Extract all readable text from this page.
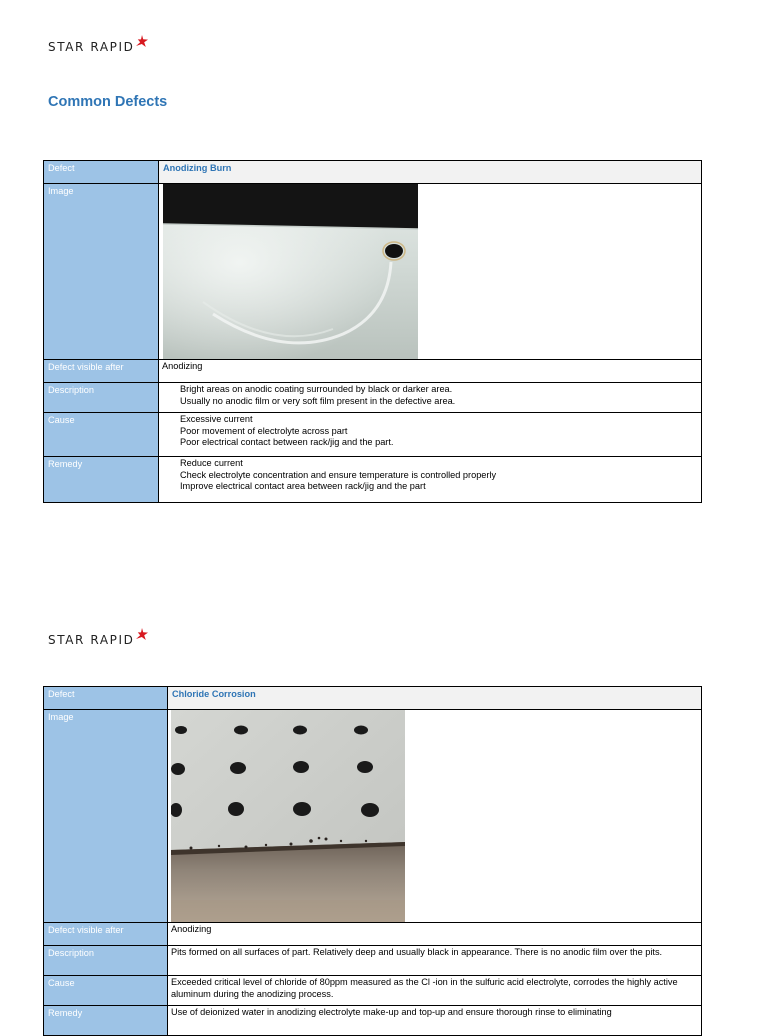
STAR RAPID
Common Defects
Defect	Anodizing Burn
Image	

Defect visible after	Anodizing
Description	Bright areas on anodic coating surrounded by black or darker area.
Usually no anodic film or very soft film present in the defective area.

Cause	Excessive current
Poor movement of electrolyte across part
Poor electrical contact between rack/jig and the part.

Remedy	Reduce current
Check electrolyte concentration and ensure temperature is controlled properly
Improve electrical contact area between rack/jig and the part
STAR RAPID
Defect	Chloride Corrosion
Image	

Defect visible after	Anodizing
Description	Pits formed on all surfaces of part. Relatively deep and usually black in appearance. There is no anodic film over the pits.
Cause	Exceeded critical level of chloride of 80ppm measured as the Cl -ion in the sulfuric acid electrolyte, corrodes the highly active aluminum during the anodizing process.
Remedy	Use of deionized water in anodizing electrolyte make-up and top-up and ensure thorough rinse to eliminating
